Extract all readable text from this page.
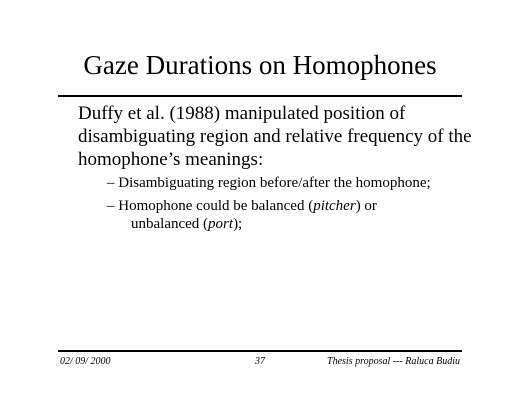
Gaze Durations on Homophones
Duffy et al. (1988) manipulated position of
disambiguating region and relative frequency of the
homophone’s meanings:
– Disambiguating region before/after the homophone;
– Homophone could be balanced (pitcher) or
unbalanced (port);
02/ 09/ 2000	37	Thesis proposal --- Raluca Budiu
